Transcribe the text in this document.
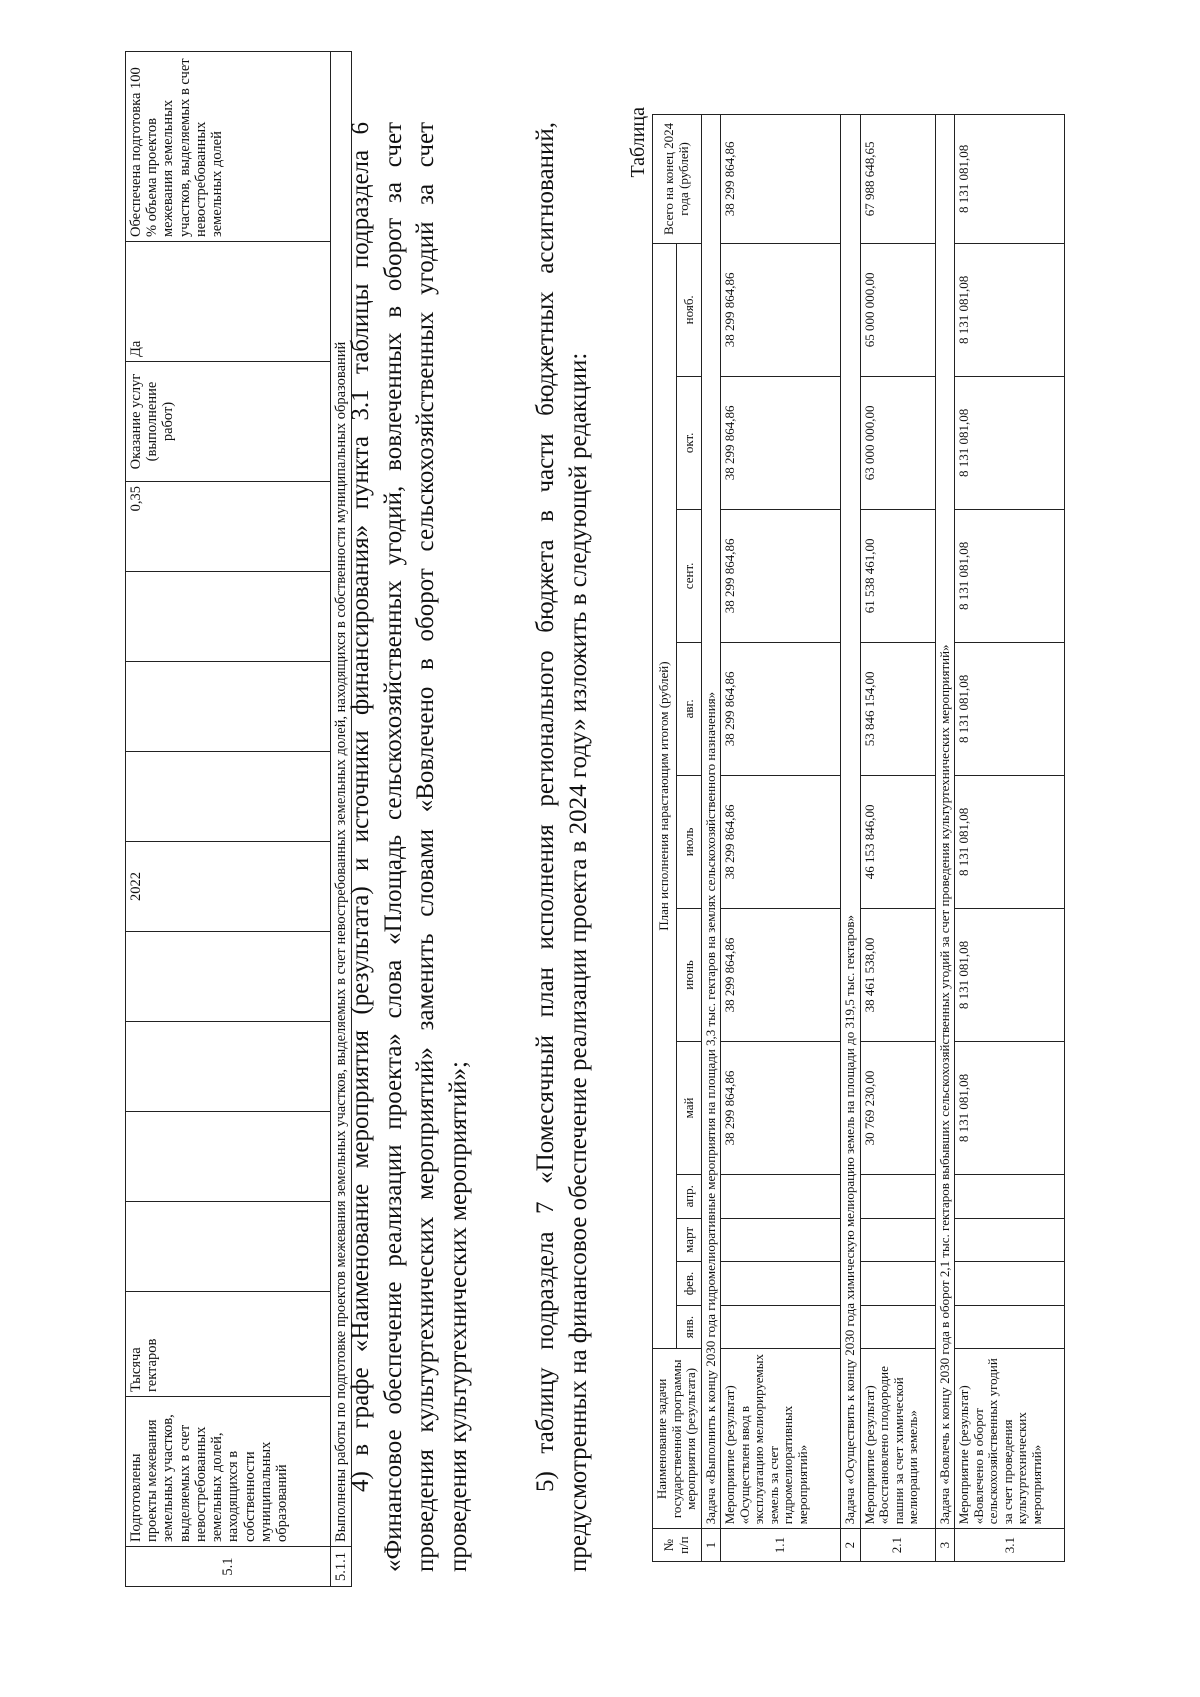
5.1	Подготовлены проекты межевания земельных участков, выделяемых в счет невостребованных земельных долей, находящихся в собственности муниципальных образований	Тысяча гектаров					2022				0,35	Оказание услуг (выполнение работ)	Да	Обеспечена подготовка 100 % объема проектов межевания земельных участков, выделяемых в счет невостребованных земельных долей
5.1.1	Выполнены работы по подготовке проектов межевания земельных участков, выделяемых в счет невостребованных земельных долей, находящихся в собственности муниципальных образований													

4) в графе «Наименование мероприятия (результата) и источники финансирования» пункта 3.1 таблицы подраздела 6 «Финансовое обеспечение реализации проекта» слова «Площадь сельскохозяйственных угодий, вовлеченных в оборот за счет проведения культуртехнических мероприятий» заменить словами «Вовлечено в оборот сельскохозяйственных угодий за счет проведения культуртехнических мероприятий»; 5) таблицу подраздела 7 «Помесячный план исполнения регионального бюджета в части бюджетных ассигнований, предусмотренных на финансовое обеспечение реализации проекта в 2024 году» изложить в следующей редакции:

Таблица
№ п/п	Наименование задачи государственной программы мероприятия (результата)	План исполнения нарастающим итогом (рублей)											Всего на конец 2024 года (рублей)
		янв.	фев.	март	апр.	май	июнь	июль	авг.	сент.	окт.	нояб.	
1	Задача «Выполнить к концу 2030 года гидромелиоративные мероприятия на площади 3,3 тыс. гектаров на землях сельскохозяйственного назначения»												
1.1	Мероприятие (результат) «Осуществлен ввод в эксплуатацию мелиорируемых земель за счет гидромелиоративных мероприятий»					38 299 864,86	38 299 864,86	38 299 864,86	38 299 864,86	38 299 864,86	38 299 864,86	38 299 864,86	38 299 864,86
2	Задача «Осуществить к концу 2030 года химическую мелиорацию земель на площади до 319,5 тыс. гектаров»												
2.1	Мероприятие (результат) «Восстановлено плодородие пашни за счет химической мелиорации земель»					30 769 230,00	38 461 538,00	46 153 846,00	53 846 154,00	61 538 461,00	63 000 000,00	65 000 000,00	67 988 648,65
3	Задача «Вовлечь к концу 2030 года в оборот 2,1 тыс. гектаров выбывших сельскохозяйственных угодий за счет проведения культуртехнических мероприятий»												
3.1	Мероприятие (результат) «Вовлечено в оборот сельскохозяйственных угодий за счет проведения культуртехнических мероприятий»					8 131 081,08	8 131 081,08	8 131 081,08	8 131 081,08	8 131 081,08	8 131 081,08	8 131 081,08	8 131 081,08
